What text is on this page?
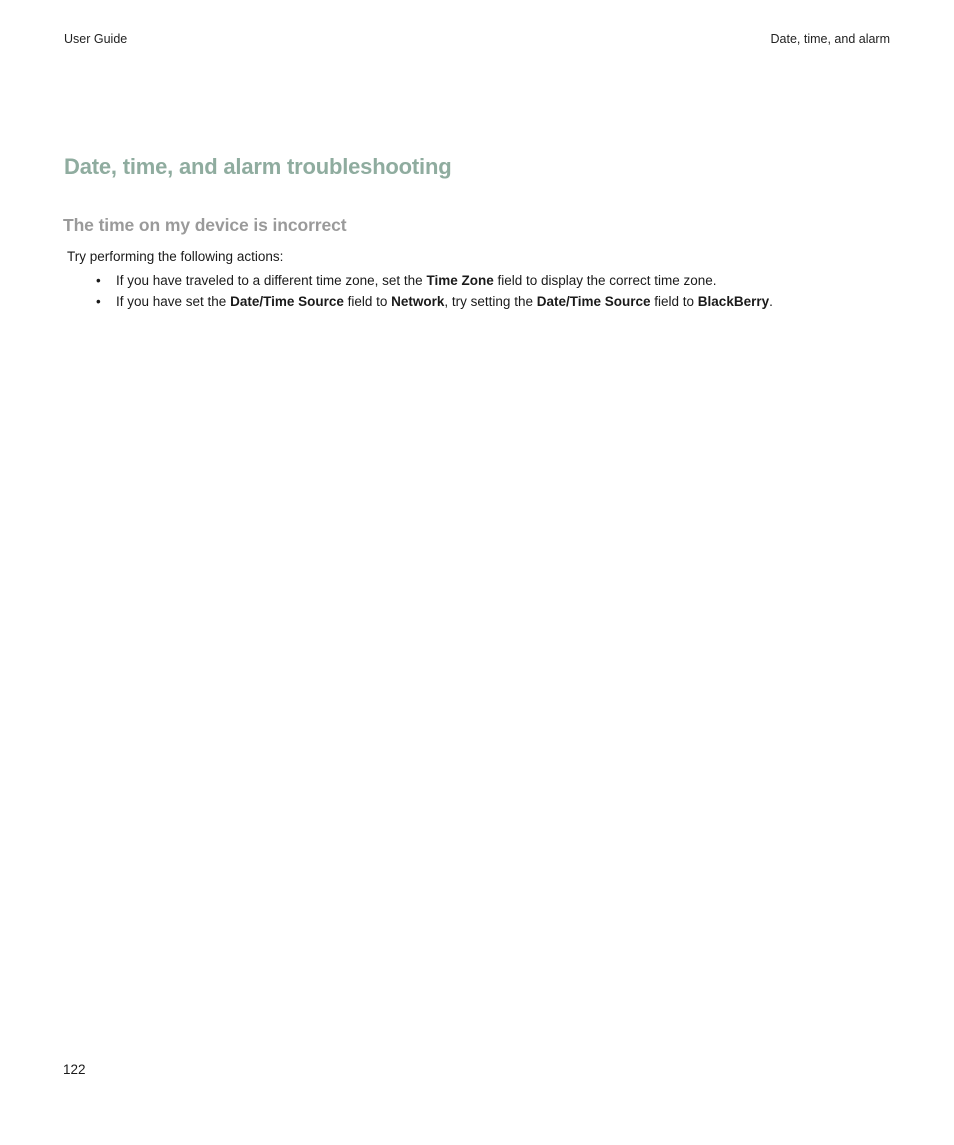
User Guide	Date, time, and alarm
Date, time, and alarm troubleshooting
The time on my device is incorrect

Try performing the following actions:

• If you have traveled to a different time zone, set the Time Zone field to display the correct time zone.
• If you have set the Date/Time Source field to Network, try setting the Date/Time Source field to BlackBerry.
122
